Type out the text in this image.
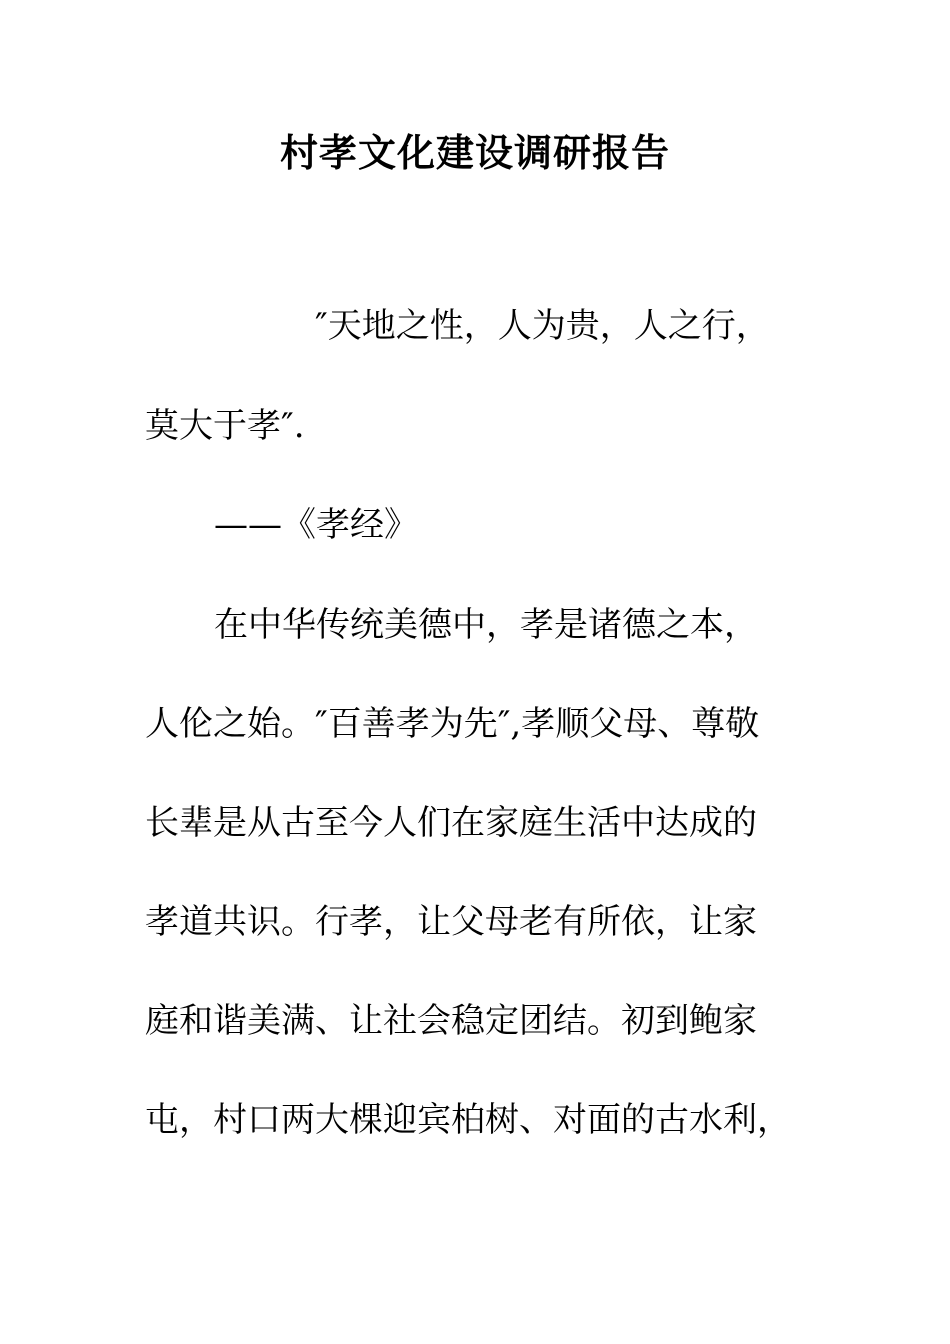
村孝文化建设调研报告
″天地之性，人为贵，人之行，
莫大于孝″.
——《孝经》
在中华传统美德中，孝是诸德之本，
人伦之始。″百善孝为先″,孝顺父母、尊敬
长辈是从古至今人们在家庭生活中达成的
孝道共识。行孝，让父母老有所依，让家
庭和谐美满、让社会稳定团结。初到鲍家
屯，村口两大棵迎宾柏树、对面的古水利，
